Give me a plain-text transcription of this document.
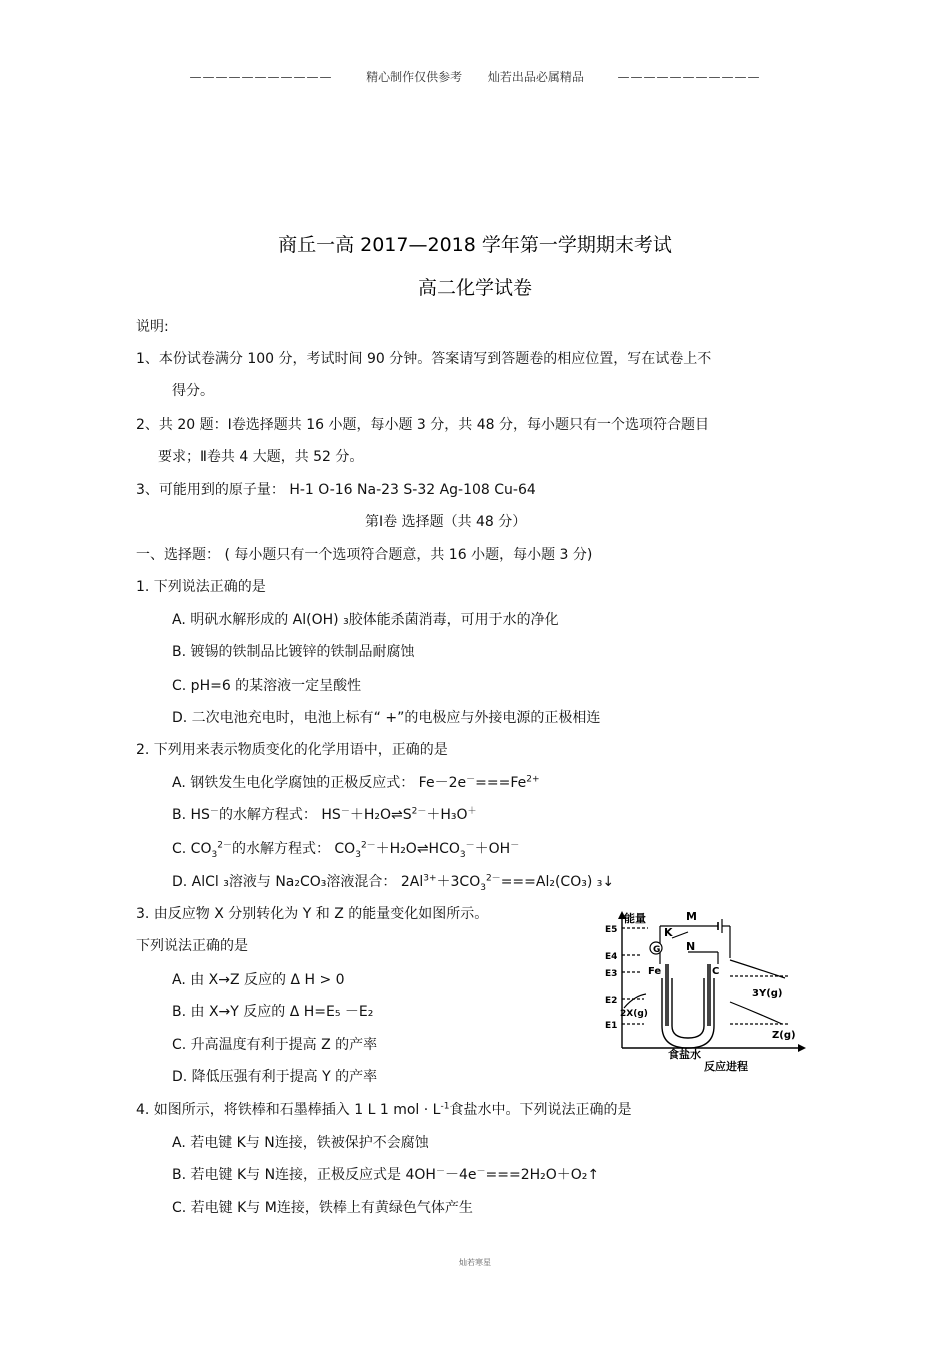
———————————	精心制作仅供参考 灿若出品必属精品	———————————
商丘一高 2017—2018 学年第一学期期末考试
高二化学试卷
说明:
1、本份试卷满分 100 分，考试时间 90 分钟。答案请写到答题卷的相应位置，写在试卷上不
得分。
2、共 20 题：Ⅰ卷选择题共 16 小题，每小题 3 分，共 48 分，每小题只有一个选项符合题目
要求；Ⅱ卷共 4 大题，共 52 分。
3、可能用到的原子量： H-1 O-16 Na-23 S-32 Ag-108 Cu-64
第Ⅰ卷 选择题（共 48 分）
一、选择题： ( 每小题只有一个选项符合题意，共 16 小题，每小题 3 分)
1. 下列说法正确的是
A. 明矾水解形成的 Al(OH) ₃胶体能杀菌消毒，可用于水的净化
B. 镀锡的铁制品比镀锌的铁制品耐腐蚀
C. pH=6 的某溶液一定呈酸性
D. 二次电池充电时，电池上标有“ +”的电极应与外接电源的正极相连
2. 下列用来表示物质变化的化学用语中，正确的是
A. 钢铁发生电化学腐蚀的正极反应式： $Fe-2e^-===Fe^{2+}$
B. HS－的水解方程式： $HS^-+H_2O\rightleftharpoons S^{2-}+H_3O^+$
C. $CO_3^{2-}$的水解方程式： $CO_3^{2-}+H_2O\rightleftharpoons HCO_3^-+OH^-$
D. AlCl ₃溶液与 Na₂CO₃溶液混合： $2Al^{3+}+3CO_3^{2-}===Al_2(CO_3)$ ₃↓
3. 由反应物 X 分别转化为 Y 和 Z 的能量变化如图所示。
下列说法正确的是
A. 由 X→Z 反应的 Δ H > 0
B. 由 X→Y 反应的 Δ H=E₅ －E₂
C. 升高温度有利于提高 Z 的产率
D. 降低压强有利于提高 Y 的产率
能量
反应进程
E5
E4
E3
E2
E1
2X(g)
3Y(g)
Z(g)
M
K
N
G
Fe	C
食盐水
4. 如图所示，将铁棒和石墨棒插入 1 L 1 mol · $L^{-1}$食盐水中。下列说法正确的是
A. 若电键 K与 N连接，铁被保护不会腐蚀
B. 若电键 K与 N连接，正极反应式是 4OH－－4e－===2H₂O＋O₂↑
C. 若电键 K与 M连接，铁棒上有黄绿色气体产生
灿若寒星
